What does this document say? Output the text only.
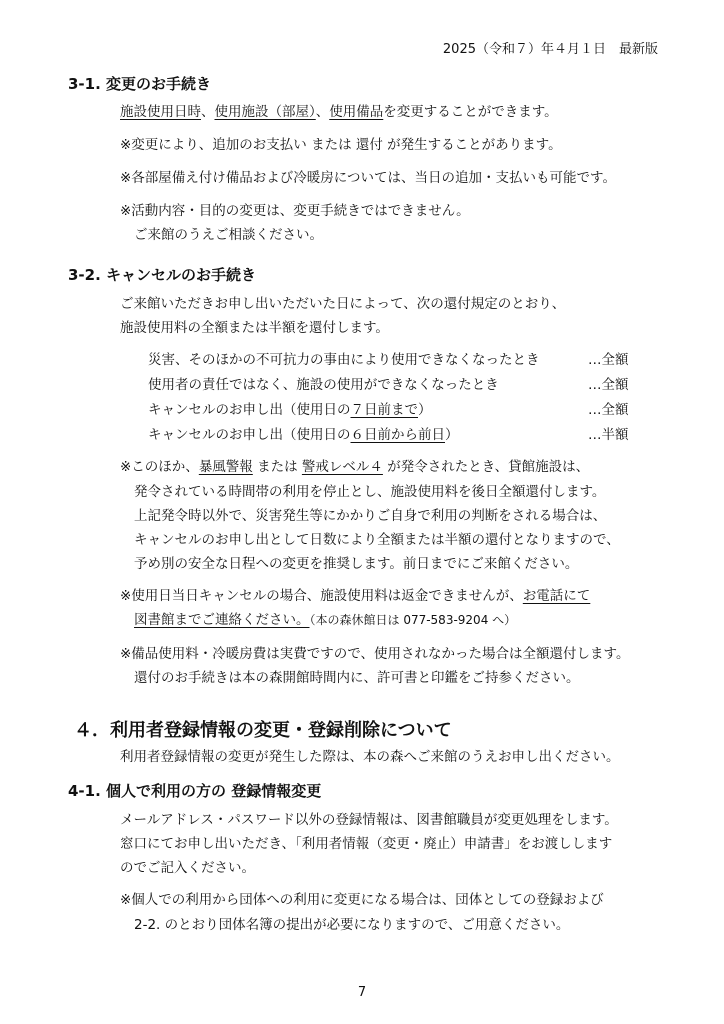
2025（令和７）年４月１日　最新版
3-1. 変更のお手続き
施設使用日時、使用施設（部屋）、使用備品を変更することができます。
※変更により、追加のお支払い または 還付 が発生することがあります。
※各部屋備え付け備品および冷暖房については、当日の追加・支払いも可能です。
※活動内容・目的の変更は、変更手続きではできません。
ご来館のうえご相談ください。
3-2. キャンセルのお手続き
ご来館いただきお申し出いただいた日によって、次の還付規定のとおり、
施設使用料の全額または半額を還付します。
災害、そのほかの不可抗力の事由により使用できなくなったとき	…全額
使用者の責任ではなく、施設の使用ができなくなったとき	…全額
キャンセルのお申し出（使用日の７日前まで）	…全額
キャンセルのお申し出（使用日の６日前から前日）	…半額
※このほか、暴風警報 または 警戒レベル４ が発令されたとき、貸館施設は、
発令されている時間帯の利用を停止とし、施設使用料を後日全額還付します。
上記発令時以外で、災害発生等にかかりご自身で利用の判断をされる場合は、
キャンセルのお申し出として日数により全額または半額の還付となりますので、
予め別の安全な日程への変更を推奨します。前日までにご来館ください。
※使用日当日キャンセルの場合、施設使用料は返金できませんが、お電話にて
図書館までご連絡ください。（本の森休館日は 077-583-9204 へ）
※備品使用料・冷暖房費は実費ですので、使用されなかった場合は全額還付します。
還付のお手続きは本の森開館時間内に、許可書と印鑑をご持参ください。
４．利用者登録情報の変更・登録削除について
利用者登録情報の変更が発生した際は、本の森へご来館のうえお申し出ください。
4-1. 個人で利用の方の 登録情報変更
メールアドレス・パスワード以外の登録情報は、図書館職員が変更処理をします。
窓口にてお申し出いただき、「利用者情報（変更・廃止）申請書」をお渡しします
のでご記入ください。
※個人での利用から団体への利用に変更になる場合は、団体としての登録および
2-2. のとおり団体名簿の提出が必要になりますので、ご用意ください。
7
